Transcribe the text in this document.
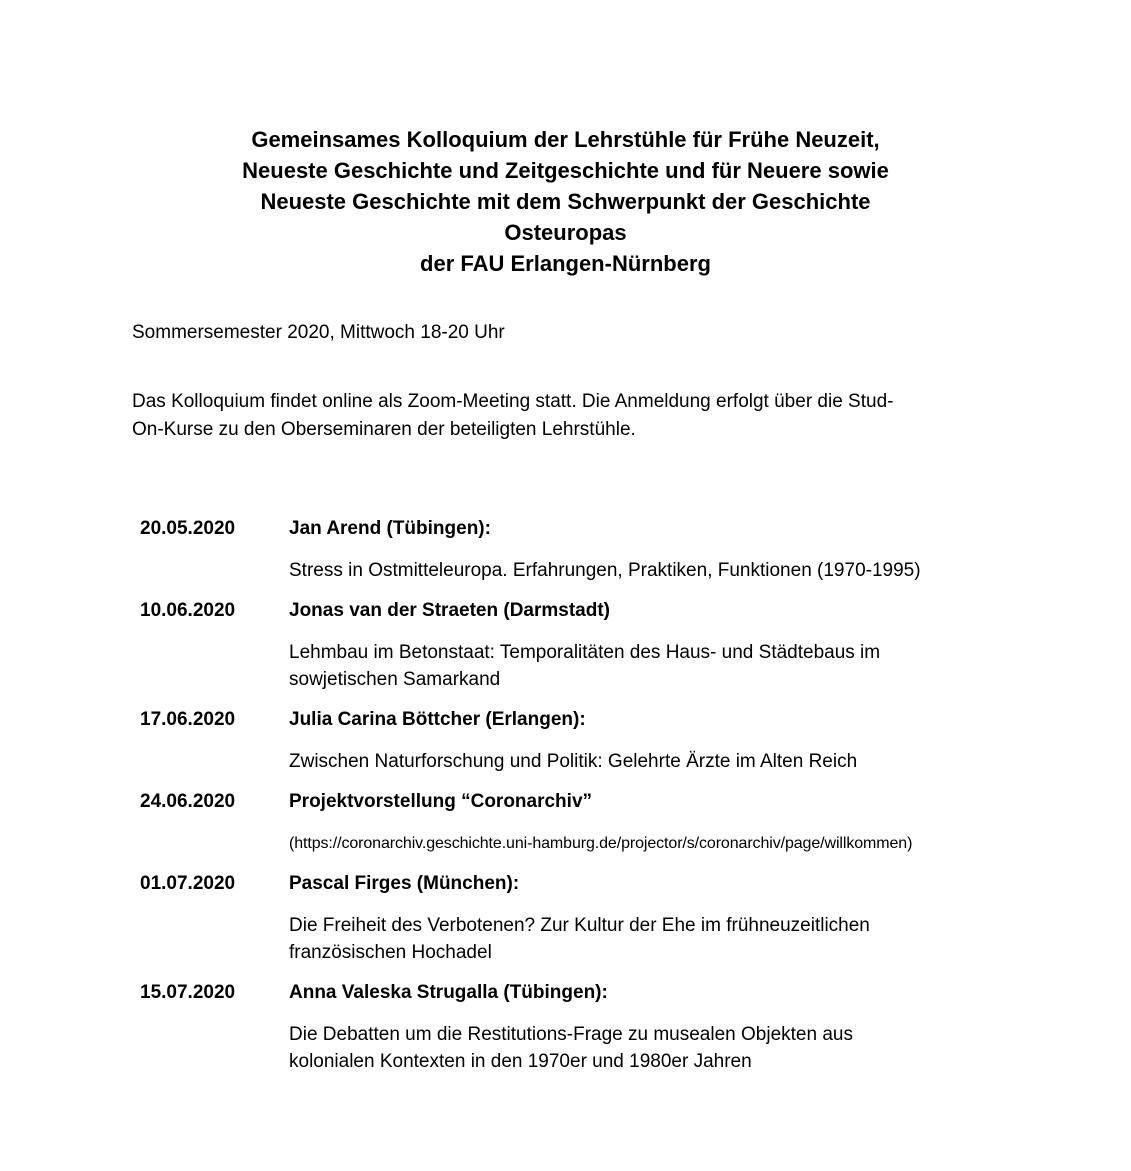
Gemeinsames Kolloquium der Lehrstühle für Frühe Neuzeit,
Neueste Geschichte und Zeitgeschichte und für Neuere sowie
Neueste Geschichte mit dem Schwerpunkt der Geschichte
Osteuropas
der FAU Erlangen-Nürnberg
Sommersemester 2020, Mittwoch 18-20 Uhr
Das Kolloquium findet online als Zoom-Meeting statt. Die Anmeldung erfolgt über die Stud-
On-Kurse zu den Oberseminaren der beteiligten Lehrstühle.
20.05.2020	Jan Arend (Tübingen):
Stress in Ostmitteleuropa. Erfahrungen, Praktiken, Funktionen (1970-1995)
10.06.2020	Jonas van der Straeten (Darmstadt)
Lehmbau im Betonstaat: Temporalitäten des Haus- und Städtebaus im
sowjetischen Samarkand
17.06.2020	Julia Carina Böttcher (Erlangen):
Zwischen Naturforschung und Politik: Gelehrte Ärzte im Alten Reich
24.06.2020	Projektvorstellung “Coronarchiv”
(https://coronarchiv.geschichte.uni-hamburg.de/projector/s/coronarchiv/page/willkommen)
01.07.2020	Pascal Firges (München):
Die Freiheit des Verbotenen? Zur Kultur der Ehe im frühneuzeitlichen
französischen Hochadel
15.07.2020	Anna Valeska Strugalla (Tübingen):
Die Debatten um die Restitutions-Frage zu musealen Objekten aus
kolonialen Kontexten in den 1970er und 1980er Jahren
